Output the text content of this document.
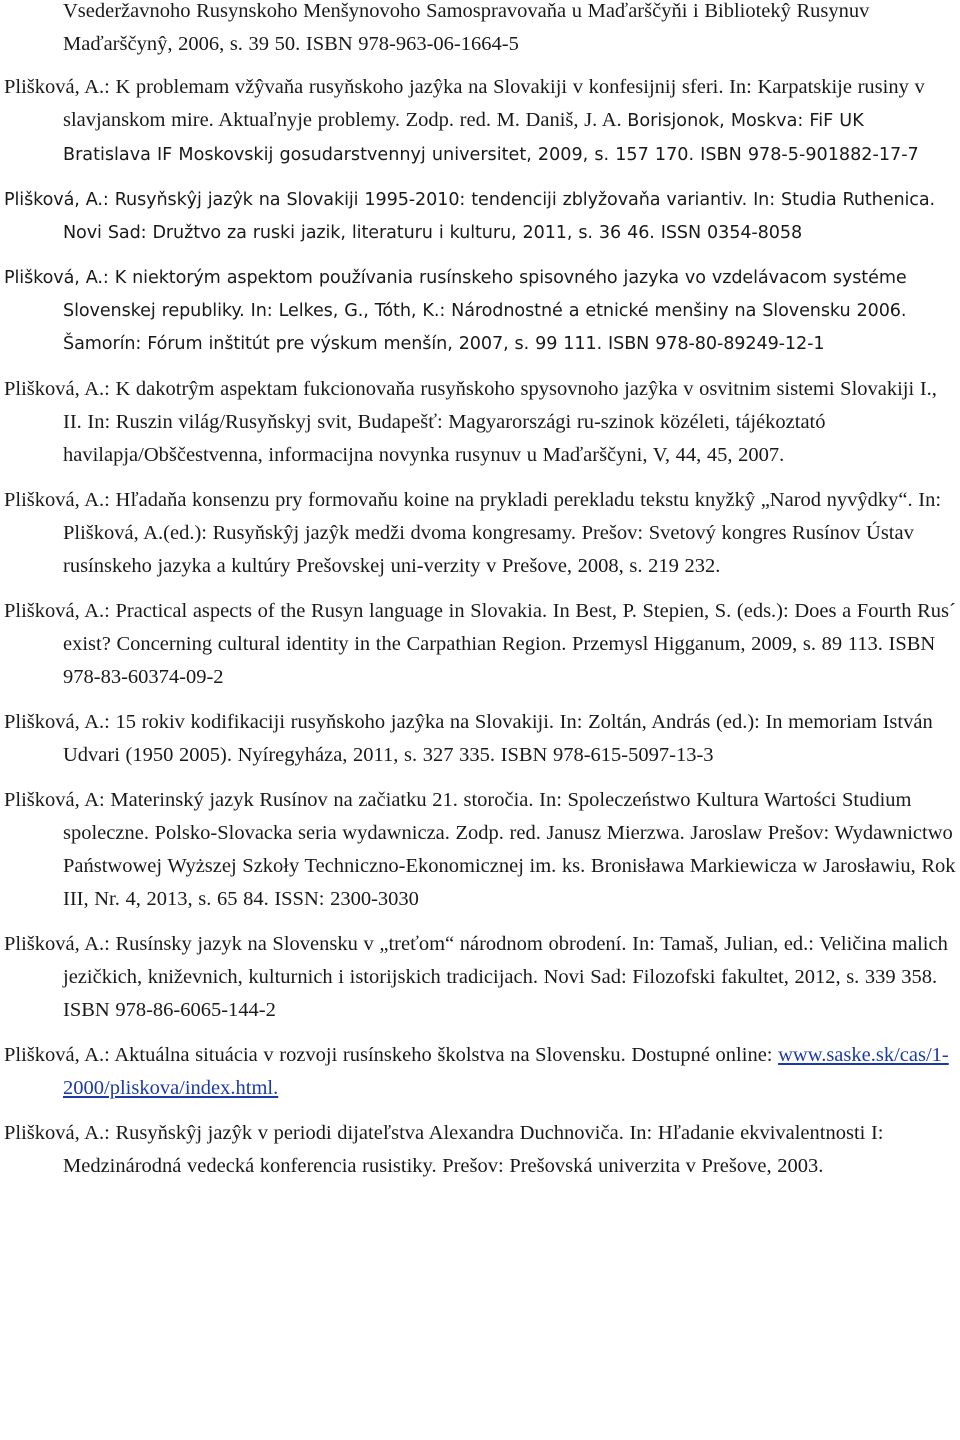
Vsederžavnoho Rusynskoho Menšynovoho Samospravovaňa u Maďarščyňi i Bibliotekŷ Rusynuv Maďarščynŷ, 2006, s. 39 50. ISBN 978-963-06-1664-5

Plišková, A.: K problemam vžŷvaňa rusyňskoho jazŷka na Slovakiji v konfesijnij sferi. In: Karpatskije rusiny v slavjanskom mire. Aktuaľnyje problemy. Zodp. red. M. Daniš, J. A. Borisjonok, Moskva: FiF UK Bratislava IF Moskovskij gosudarstvennyj universitet, 2009, s. 157 170. ISBN 978-5-901882-17-7

Plišková, A.: Rusyňskŷj jazŷk na Slovakiji 1995-2010: tendenciji zblyžovaňa variantiv. In: Studia Ruthenica. Novi Sad: Družtvo za ruski jazik, literaturu i kulturu, 2011, s. 36 46. ISSN 0354-8058

Plišková, A.: K niektorým aspektom používania rusínskeho spisovného jazyka vo vzdelávacom systéme Slovenskej republiky. In: Lelkes, G., Tóth, K.: Národnostné a etnické menšiny na Slovensku 2006. Šamorín: Fórum inštitút pre výskum menšín, 2007, s. 99 111. ISBN 978-80-89249-12-1

Plišková, A.: K dakotrŷm aspektam fukcionovaňa rusyňskoho spysovnoho jazŷka v osvitnim sistemi Slovakiji I., II. In: Ruszin világ/Rusyňskyj svit, Budapešť: Magyarországi ru-szinok közéleti, tájékoztató havilapja/Obščestvenna, informacijna novynka rusynuv u Maďarščyni, V, 44, 45, 2007.

Plišková, A.: Hľadaňa konsenzu pry formovaňu koine na prykladi perekladu tekstu knyžkŷ „Narod nyvŷdky“. In: Plišková, A.(ed.): Rusyňskŷj jazŷk medži dvoma kongresamy. Prešov: Svetový kongres Rusínov Ústav rusínskeho jazyka a kultúry Prešovskej uni-verzity v Prešove, 2008, s. 219 232.

Plišková, A.: Practical aspects of the Rusyn language in Slovakia. In Best, P. Stepien, S. (eds.): Does a Fourth Rus´ exist? Concerning cultural identity in the Carpathian Region. Przemysl Higganum, 2009, s. 89 113. ISBN 978-83-60374-09-2

Plišková, A.: 15 rokiv kodifikaciji rusyňskoho jazŷka na Slovakiji. In: Zoltán, András (ed.): In memoriam István Udvari (1950 2005). Nyíregyháza, 2011, s. 327 335. ISBN 978-615-5097-13-3

Plišková, A: Materinský jazyk Rusínov na začiatku 21. storočia. In: Spoleczeństwo Kultura Wartości Studium spoleczne. Polsko-Slovacka seria wydawnicza. Zodp. red. Janusz Mierzwa. Jaroslaw Prešov: Wydawnictwo Państwowej Wyższej Szkoły Techniczno-Ekonomicznej im. ks. Bronisława Markiewicza w Jarosławiu, Rok III, Nr. 4, 2013, s. 65 84. ISSN: 2300-3030

Plišková, A.: Rusínsky jazyk na Slovensku v „treťom“ národnom obrodení. In: Tamaš, Julian, ed.: Veličina malich jezičkich, kniževnich, kulturnich i istorijskich tradicijach. Novi Sad: Filozofski fakultet, 2012, s. 339 358. ISBN 978-86-6065-144-2

Plišková, A.: Aktuálna situácia v rozvoji rusínskeho školstva na Slovensku. Dostupné online: www.saske.sk/cas/1-2000/pliskova/index.html.

Plišková, A.: Rusyňskŷj jazŷk v periodi dijateľstva Alexandra Duchnoviča. In: Hľadanie ekvivalentnosti I: Medzinárodná vedecká konferencia rusistiky. Prešov: Prešovská univerzita v Prešove, 2003.
